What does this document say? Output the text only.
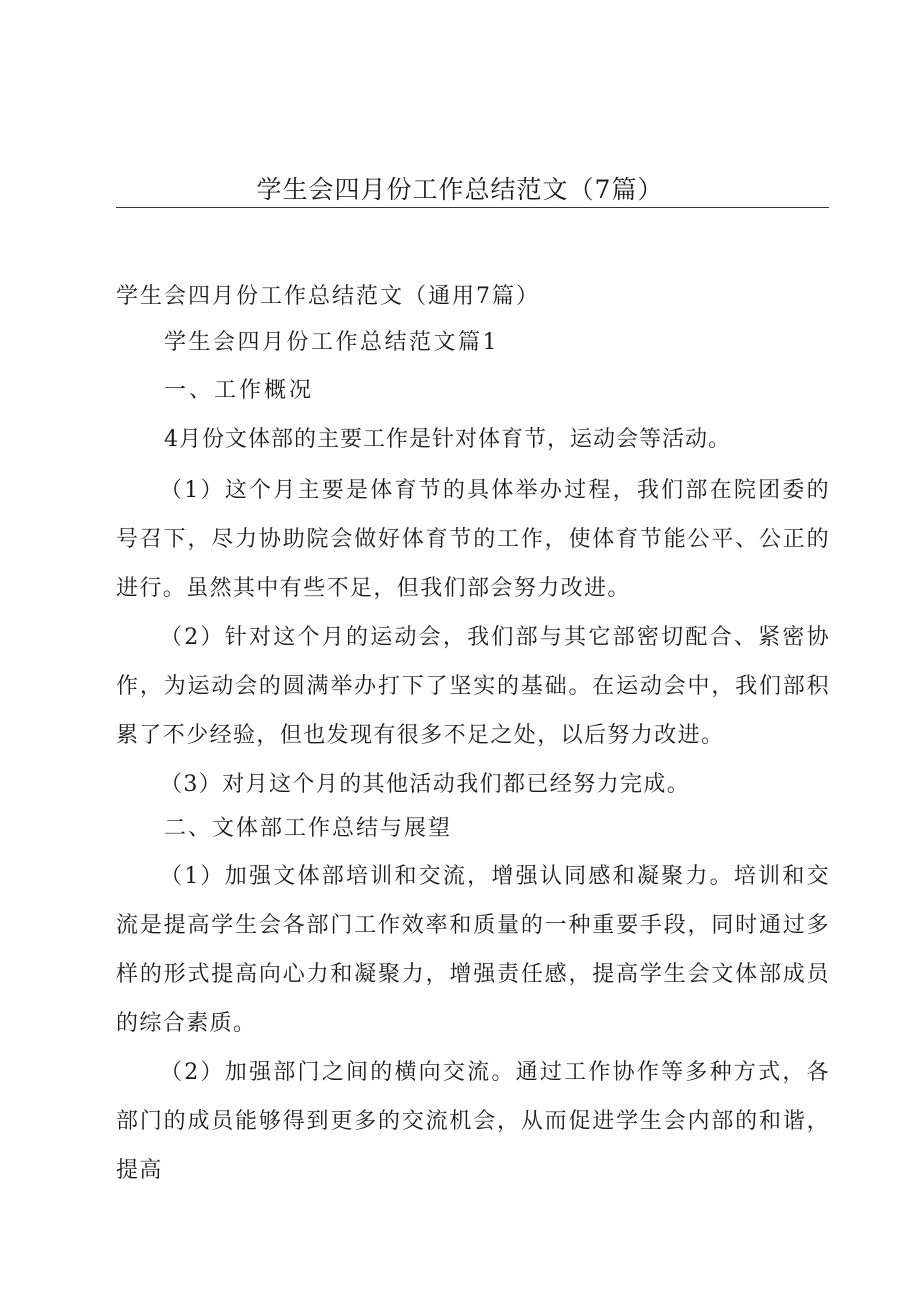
学生会四月份工作总结范文（7篇）
学生会四月份工作总结范文（通用7篇）
学生会四月份工作总结范文篇1
一、工作概况
4月份文体部的主要工作是针对体育节，运动会等活动。

（1）这个月主要是体育节的具体举办过程，我们部在院团委的号召下，尽力协助院会做好体育节的工作，使体育节能公平、公正的进行。虽然其中有些不足，但我们部会努力改进。

（2）针对这个月的运动会，我们部与其它部密切配合、紧密协作，为运动会的圆满举办打下了坚实的基础。在运动会中，我们部积累了不少经验，但也发现有很多不足之处，以后努力改进。

（3）对月这个月的其他活动我们都已经努力完成。

二、文体部工作总结与展望

（1）加强文体部培训和交流，增强认同感和凝聚力。培训和交流是提高学生会各部门工作效率和质量的一种重要手段，同时通过多样的形式提高向心力和凝聚力，增强责任感，提高学生会文体部成员的综合素质。

（2）加强部门之间的横向交流。通过工作协作等多种方式，各部门的成员能够得到更多的交流机会，从而促进学生会内部的和谐，提高
